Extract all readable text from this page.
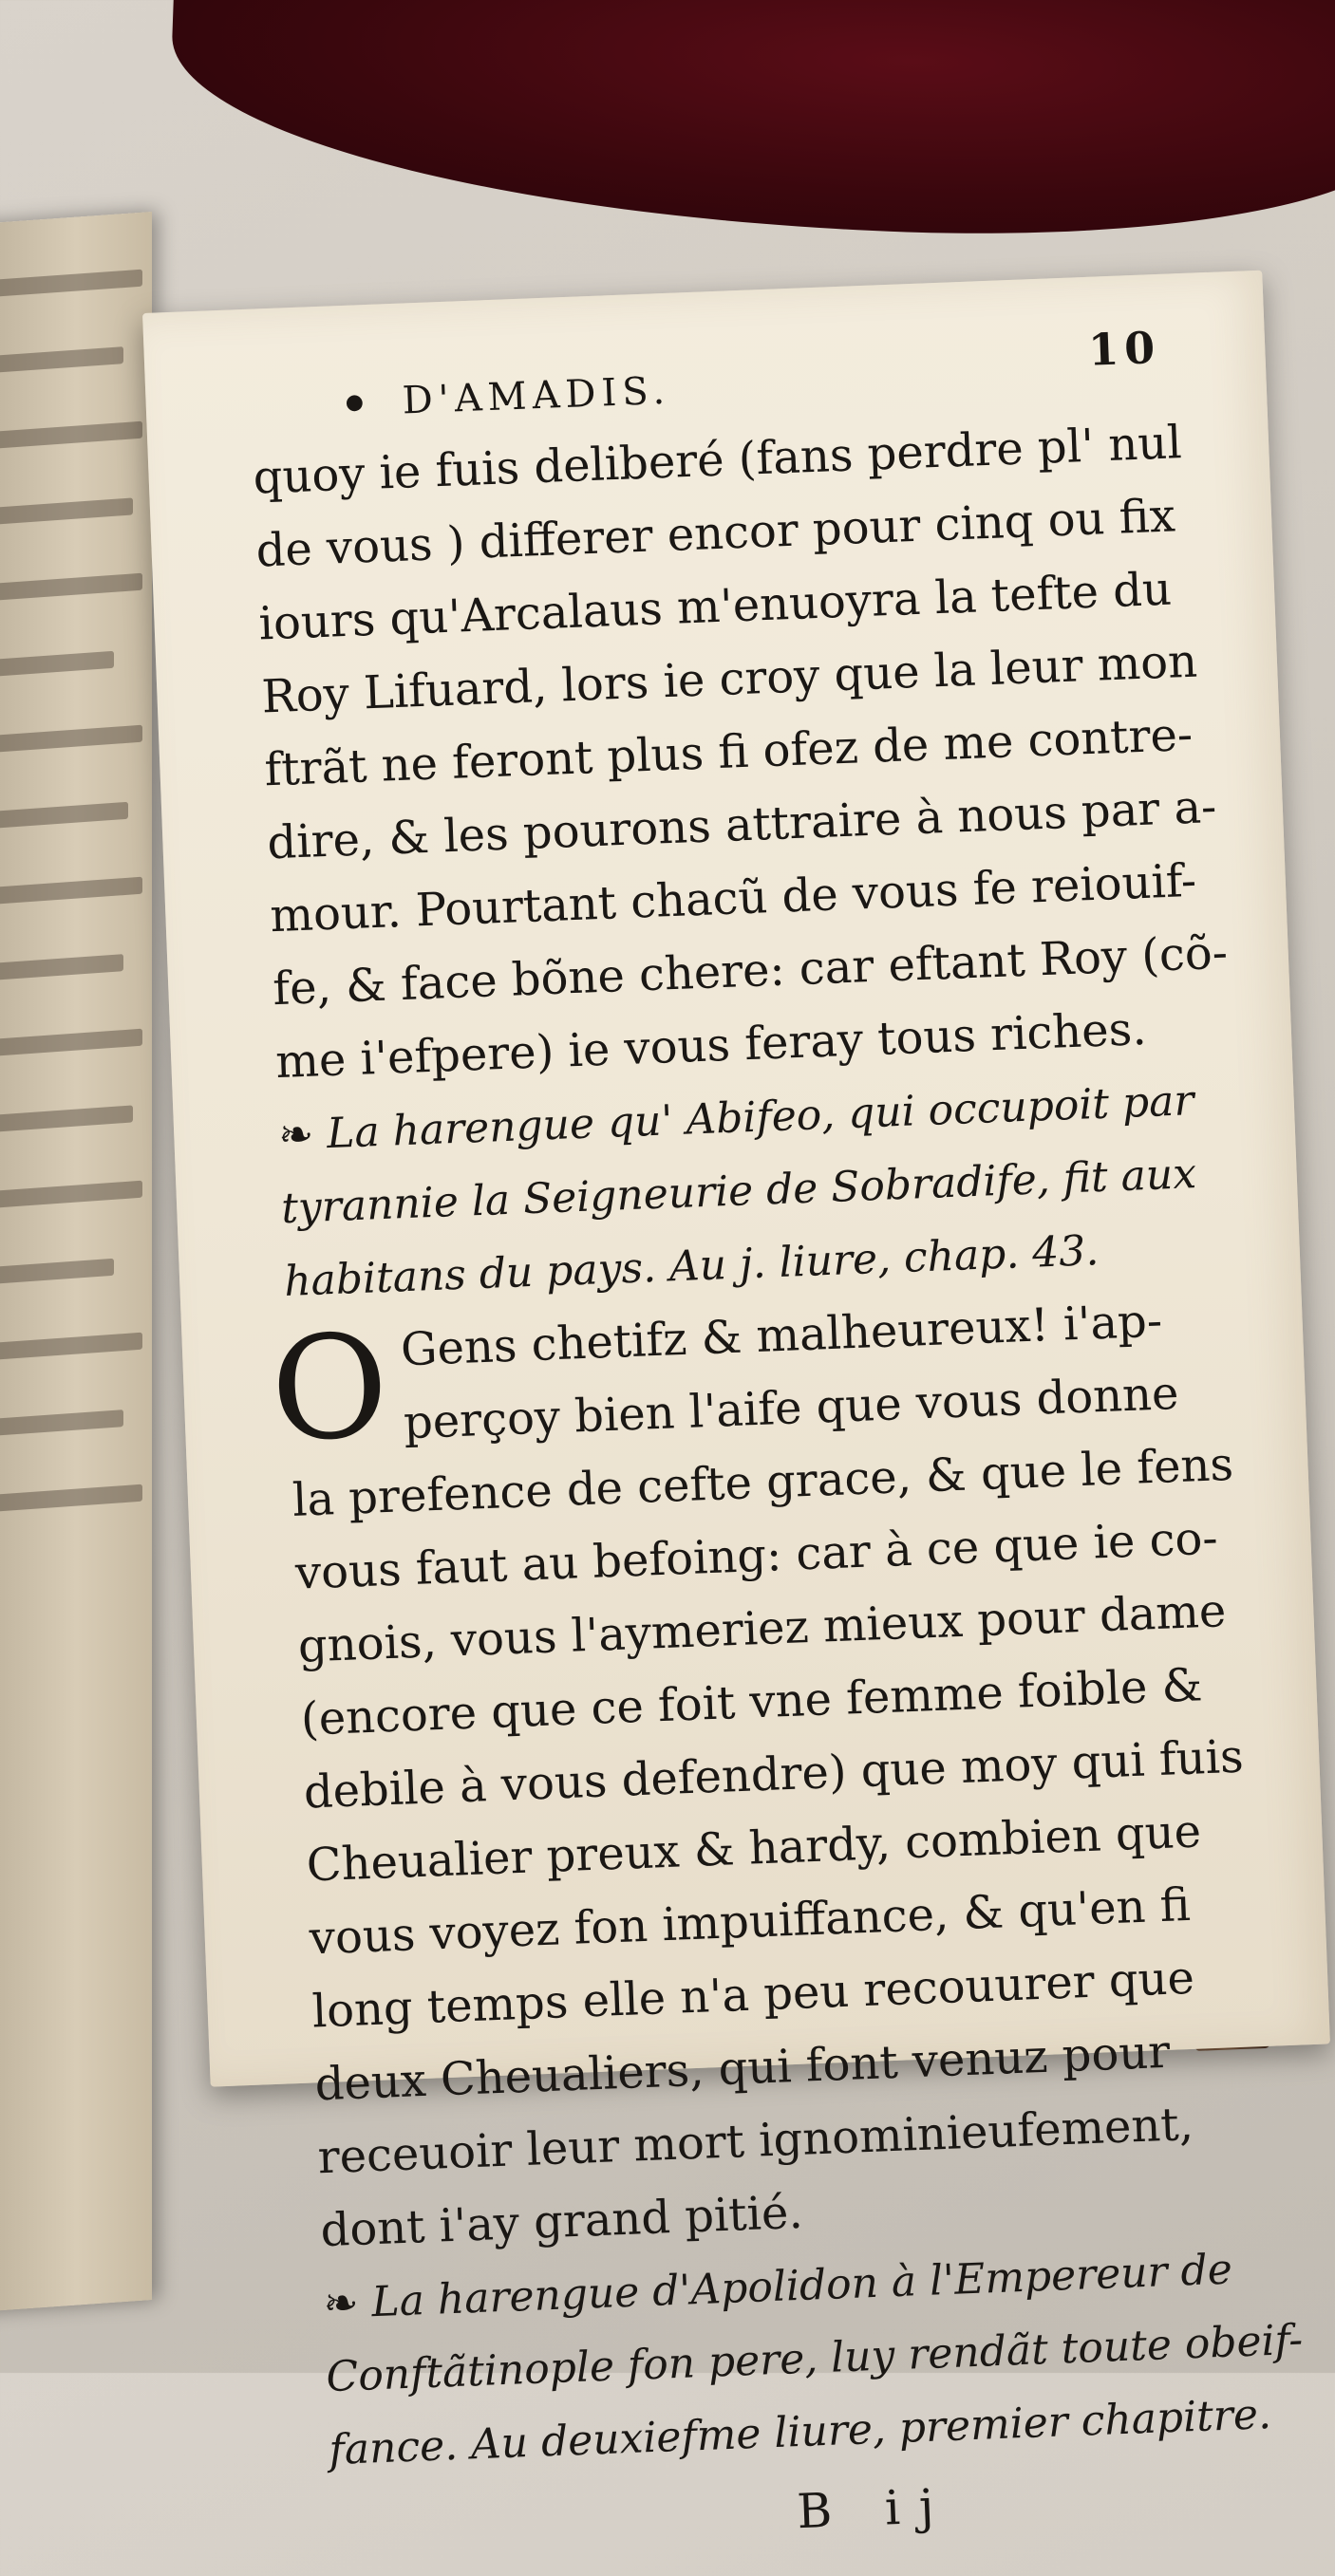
● D'AMADIS.
10
quoy ie fuis deliberé (fans perdre pl' nul
de vous ) differer encor pour cinq ou fix
iours qu'Arcalaus m'enuoyra la tefte du
Roy Lifuard, lors ie croy que la leur mon
ftrãt ne feront plus fi ofez de me contre-
dire, & les pourons attraire à nous par a-
mour. Pourtant chacũ de vous fe reiouif-
fe, & face bõne chere: car eftant Roy (cõ-
me i'efpere) ie vous feray tous riches.
❧ La harengue qu' Abifeo, qui occupoit par
tyrannie la Seigneurie de Sobradife, fit aux
habitans du pays. Au j. liure, chap. 43.
O Gens chetifz & malheureux! i'ap-
perçoy bien l'aife que vous donne
la prefence de cefte grace, & que le fens
vous faut au befoing: car à ce que ie co-
gnois, vous l'aymeriez mieux pour dame
(encore que ce foit vne femme foible &
debile à vous defendre) que moy qui fuis
Cheualier preux & hardy, combien que
vous voyez fon impuiffance, & qu'en fi
long temps elle n'a peu recouurer que
deux Cheualiers, qui font venuz pour
receuoir leur mort ignominieufement,
dont i'ay grand pitié.
❧ La harengue d'Apolidon à l'Empereur de
Conftãtinople fon pere, luy rendãt toute obeif-
fance. Au deuxiefme liure, premier chapitre.
B ij
